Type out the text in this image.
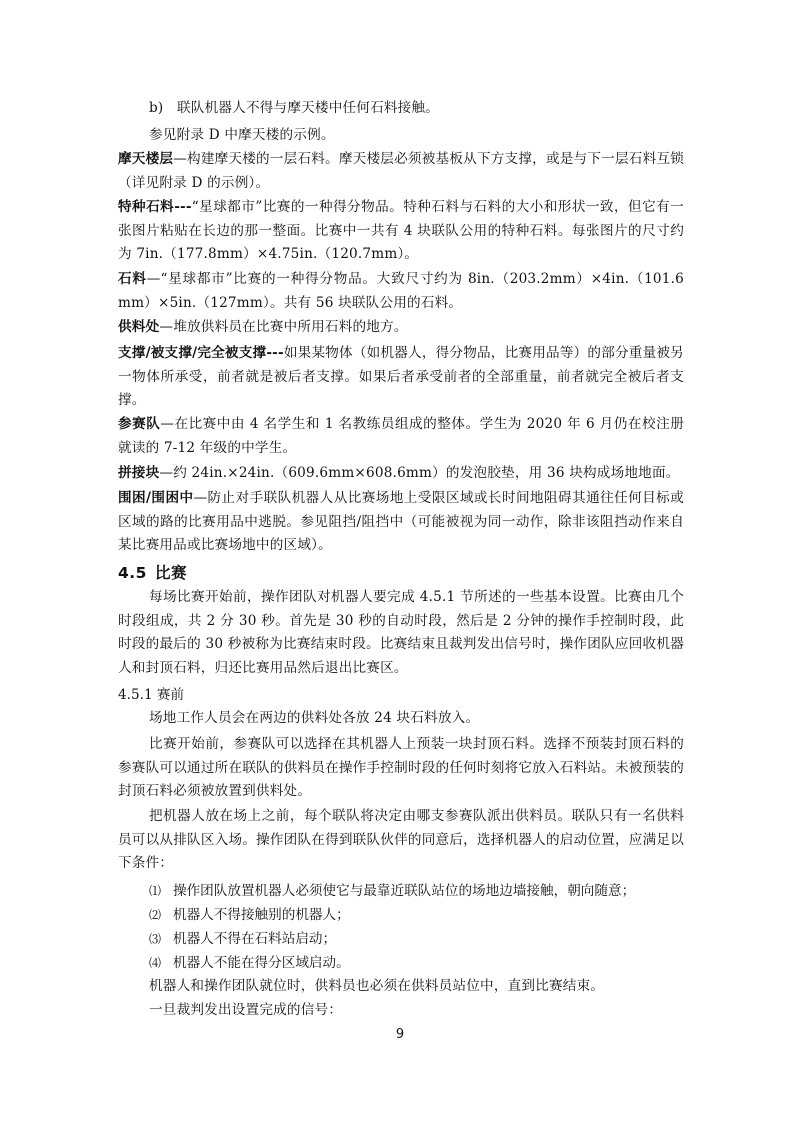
b) 联队机器人不得与摩天楼中任何石料接触。

参见附录 D 中摩天楼的示例。

摩天楼层—构建摩天楼的一层石料。摩天楼层必须被基板从下方支撑，或是与下一层石料互锁（详见附录 D 的示例）。

特种石料---“星球都市”比赛的一种得分物品。特种石料与石料的大小和形状一致，但它有一张图片粘贴在长边的那一整面。比赛中一共有 4 块联队公用的特种石料。每张图片的尺寸约为 7in.（177.8mm）×4.75in.（120.7mm）。

石料—“星球都市”比赛的一种得分物品。大致尺寸约为 8in.（203.2mm）×4in.（101.6 mm）×5in.（127mm）。共有 56 块联队公用的石料。

供料处—堆放供料员在比赛中所用石料的地方。

支撑/被支撑/完全被支撑---如果某物体（如机器人，得分物品，比赛用品等）的部分重量被另一物体所承受，前者就是被后者支撑。如果后者承受前者的全部重量，前者就完全被后者支撑。

参赛队—在比赛中由 4 名学生和 1 名教练员组成的整体。学生为 2020 年 6 月仍在校注册就读的 7-12 年级的中学生。

拼接块—约 24in.×24in.（609.6mm×608.6mm）的发泡胶垫，用 36 块构成场地地面。

围困/围困中—防止对手联队机器人从比赛场地上受限区域或长时间地阻碍其通往任何目标或区域的路的比赛用品中逃脱。参见阻挡/阻挡中（可能被视为同一动作，除非该阻挡动作来自某比赛用品或比赛场地中的区域）。

4.5 比赛

每场比赛开始前，操作团队对机器人要完成 4.5.1 节所述的一些基本设置。比赛由几个时段组成，共 2 分 30 秒。首先是 30 秒的自动时段，然后是 2 分钟的操作手控制时段，此时段的最后的 30 秒被称为比赛结束时段。比赛结束且裁判发出信号时，操作团队应回收机器人和封顶石料，归还比赛用品然后退出比赛区。

4.5.1 赛前

场地工作人员会在两边的供料处各放 24 块石料放入。

比赛开始前，参赛队可以选择在其机器人上预装一块封顶石料。选择不预装封顶石料的参赛队可以通过所在联队的供料员在操作手控制时段的任何时刻将它放入石料站。未被预装的封顶石料必须被放置到供料处。

把机器人放在场上之前，每个联队将决定由哪支参赛队派出供料员。联队只有一名供料员可以从排队区入场。操作团队在得到联队伙伴的同意后，选择机器人的启动位置，应满足以下条件：

⑴ 操作团队放置机器人必须使它与最靠近联队站位的场地边墙接触，朝向随意；
⑵ 机器人不得接触别的机器人；
⑶ 机器人不得在石料站启动；
⑷ 机器人不能在得分区域启动。

机器人和操作团队就位时，供料员也必须在供料员站位中，直到比赛结束。

一旦裁判发出设置完成的信号：

9
